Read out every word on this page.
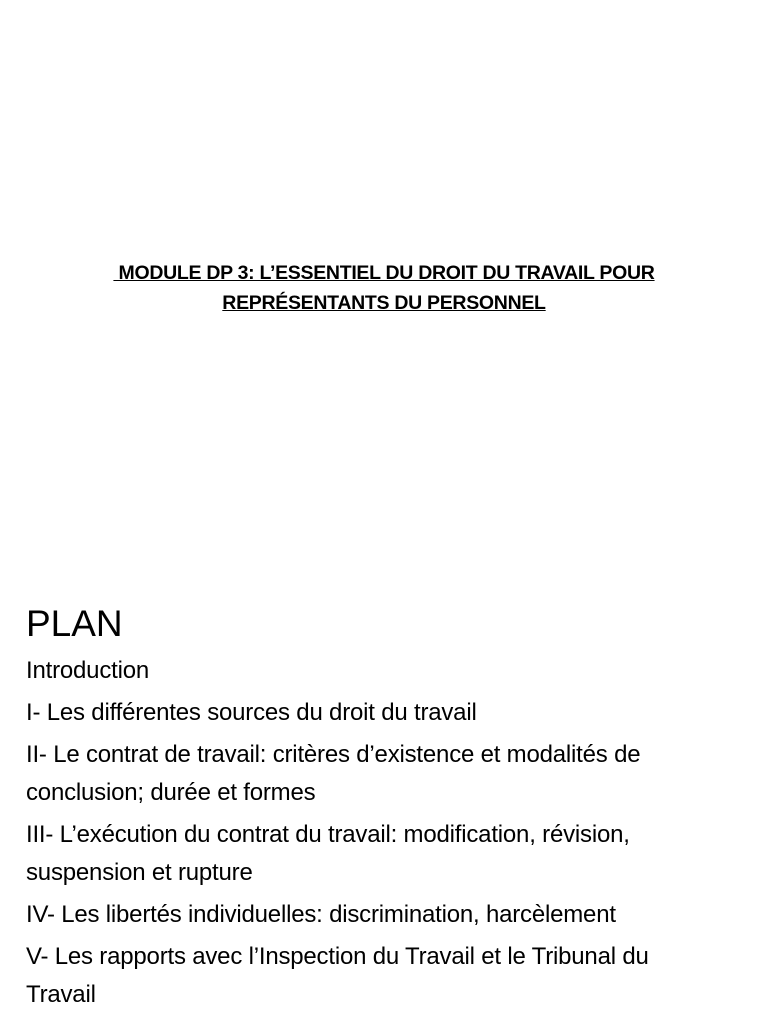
MODULE DP 3: L’ESSENTIEL DU DROIT DU TRAVAIL POUR
REPRÉSENTANTS DU PERSONNEL
PLAN
Introduction
I- Les différentes sources du droit du travail
II- Le contrat de travail: critères d’existence et modalités de
conclusion; durée et formes
III- L’exécution du contrat du travail: modification, révision,
suspension et rupture
IV- Les libertés individuelles: discrimination, harcèlement
V- Les rapports avec l’Inspection du Travail et le Tribunal du
Travail
